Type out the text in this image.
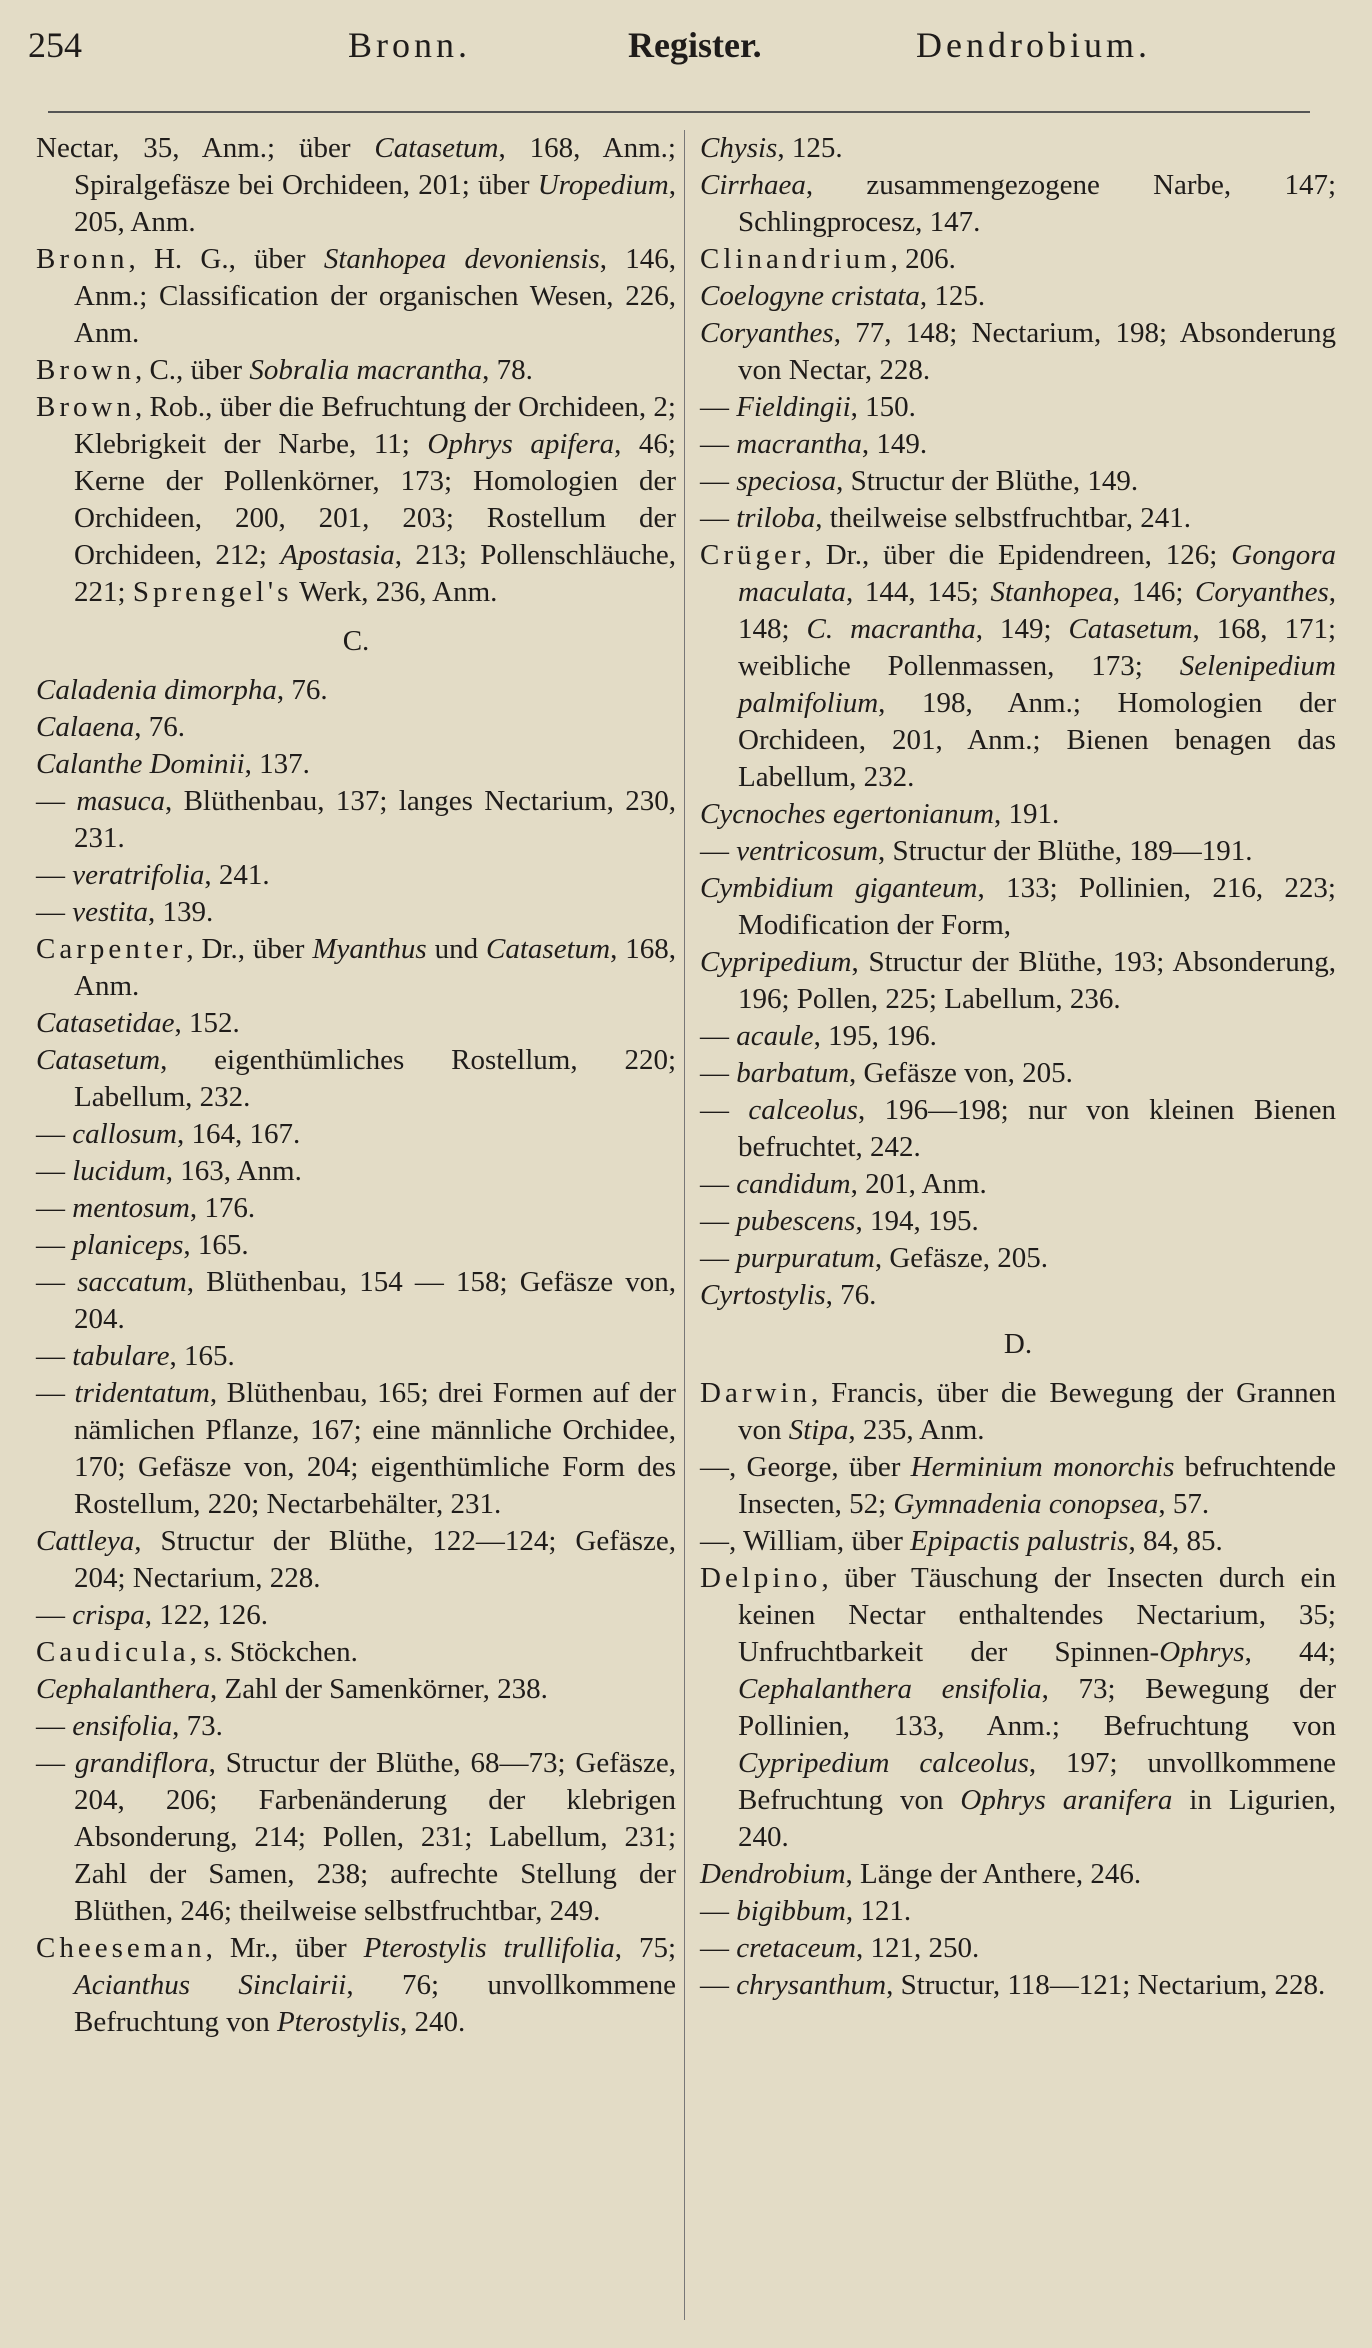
254	Bronn.	Register.	Dendrobium.

Nectar, 35, Anm.; über Catasetum, 168, Anm.; Spiralgefäsze bei Orchideen, 201; über Uropedium, 205, Anm.

Bronn, H. G., über Stanhopea devoniensis, 146, Anm.; Classification der organischen Wesen, 226, Anm.

Brown, C., über Sobralia macrantha, 78.

Brown, Rob., über die Befruchtung der Orchideen, 2; Klebrigkeit der Narbe, 11; Ophrys apifera, 46; Kerne der Pollenkörner, 173; Homologien der Orchideen, 200, 201, 203; Rostellum der Orchideen, 212; Apostasia, 213; Pollenschläuche, 221; Sprengel's Werk, 236, Anm.

C.

Caladenia dimorpha, 76.

Calaena, 76.

Calanthe Dominii, 137.

— masuca, Blüthenbau, 137; langes Nectarium, 230, 231.

— veratrifolia, 241.

— vestita, 139.

Carpenter, Dr., über Myanthus und Catasetum, 168, Anm.

Catasetidae, 152.

Catasetum, eigenthümliches Rostellum, 220; Labellum, 232.

— callosum, 164, 167.

— lucidum, 163, Anm.

— mentosum, 176.

— planiceps, 165.

— saccatum, Blüthenbau, 154 — 158; Gefäsze von, 204.

— tabulare, 165.

— tridentatum, Blüthenbau, 165; drei Formen auf der nämlichen Pflanze, 167; eine männliche Orchidee, 170; Gefäsze von, 204; eigenthümliche Form des Rostellum, 220; Nectarbehälter, 231.

Cattleya, Structur der Blüthe, 122—124; Gefäsze, 204; Nectarium, 228.

— crispa, 122, 126.

Caudicula, s. Stöckchen.

Cephalanthera, Zahl der Samenkörner, 238.

— ensifolia, 73.

— grandiflora, Structur der Blüthe, 68—73; Gefäsze, 204, 206; Farbenänderung der klebrigen Absonderung, 214; Pollen, 231; Labellum, 231; Zahl der Samen, 238; aufrechte Stellung der Blüthen, 246; theilweise selbstfruchtbar, 249.

Cheeseman, Mr., über Pterostylis trullifolia, 75; Acianthus Sinclairii, 76; unvollkommene Befruchtung von Pterostylis, 240.

Chysis, 125.

Cirrhaea, zusammengezogene Narbe, 147; Schlingprocesz, 147.

Clinandrium, 206.

Coelogyne cristata, 125.

Coryanthes, 77, 148; Nectarium, 198; Absonderung von Nectar, 228.

— Fieldingii, 150.

— macrantha, 149.

— speciosa, Structur der Blüthe, 149.

— triloba, theilweise selbstfruchtbar, 241.

Crüger, Dr., über die Epidendreen, 126; Gongora maculata, 144, 145; Stanhopea, 146; Coryanthes, 148; C. macrantha, 149; Catasetum, 168, 171; weibliche Pollenmassen, 173; Selenipedium palmifolium, 198, Anm.; Homologien der Orchideen, 201, Anm.; Bienen benagen das Labellum, 232.

Cycnoches egertonianum, 191.

— ventricosum, Structur der Blüthe, 189—191.

Cymbidium giganteum, 133; Pollinien, 216, 223; Modification der Form,

Cypripedium, Structur der Blüthe, 193; Absonderung, 196; Pollen, 225; Labellum, 236.

— acaule, 195, 196.

— barbatum, Gefäsze von, 205.

— calceolus, 196—198; nur von kleinen Bienen befruchtet, 242.

— candidum, 201, Anm.

— pubescens, 194, 195.

— purpuratum, Gefäsze, 205.

Cyrtostylis, 76.

D.

Darwin, Francis, über die Bewegung der Grannen von Stipa, 235, Anm.

—, George, über Herminium monorchis befruchtende Insecten, 52; Gymnadenia conopsea, 57.

—, William, über Epipactis palustris, 84, 85.

Delpino, über Täuschung der Insecten durch ein keinen Nectar enthaltendes Nectarium, 35; Unfruchtbarkeit der Spinnen-Ophrys, 44; Cephalanthera ensifolia, 73; Bewegung der Pollinien, 133, Anm.; Befruchtung von Cypripedium calceolus, 197; unvollkommene Befruchtung von Ophrys aranifera in Ligurien, 240.

Dendrobium, Länge der Anthere, 246.

— bigibbum, 121.

— cretaceum, 121, 250.

— chrysanthum, Structur, 118—121; Nectarium, 228.
